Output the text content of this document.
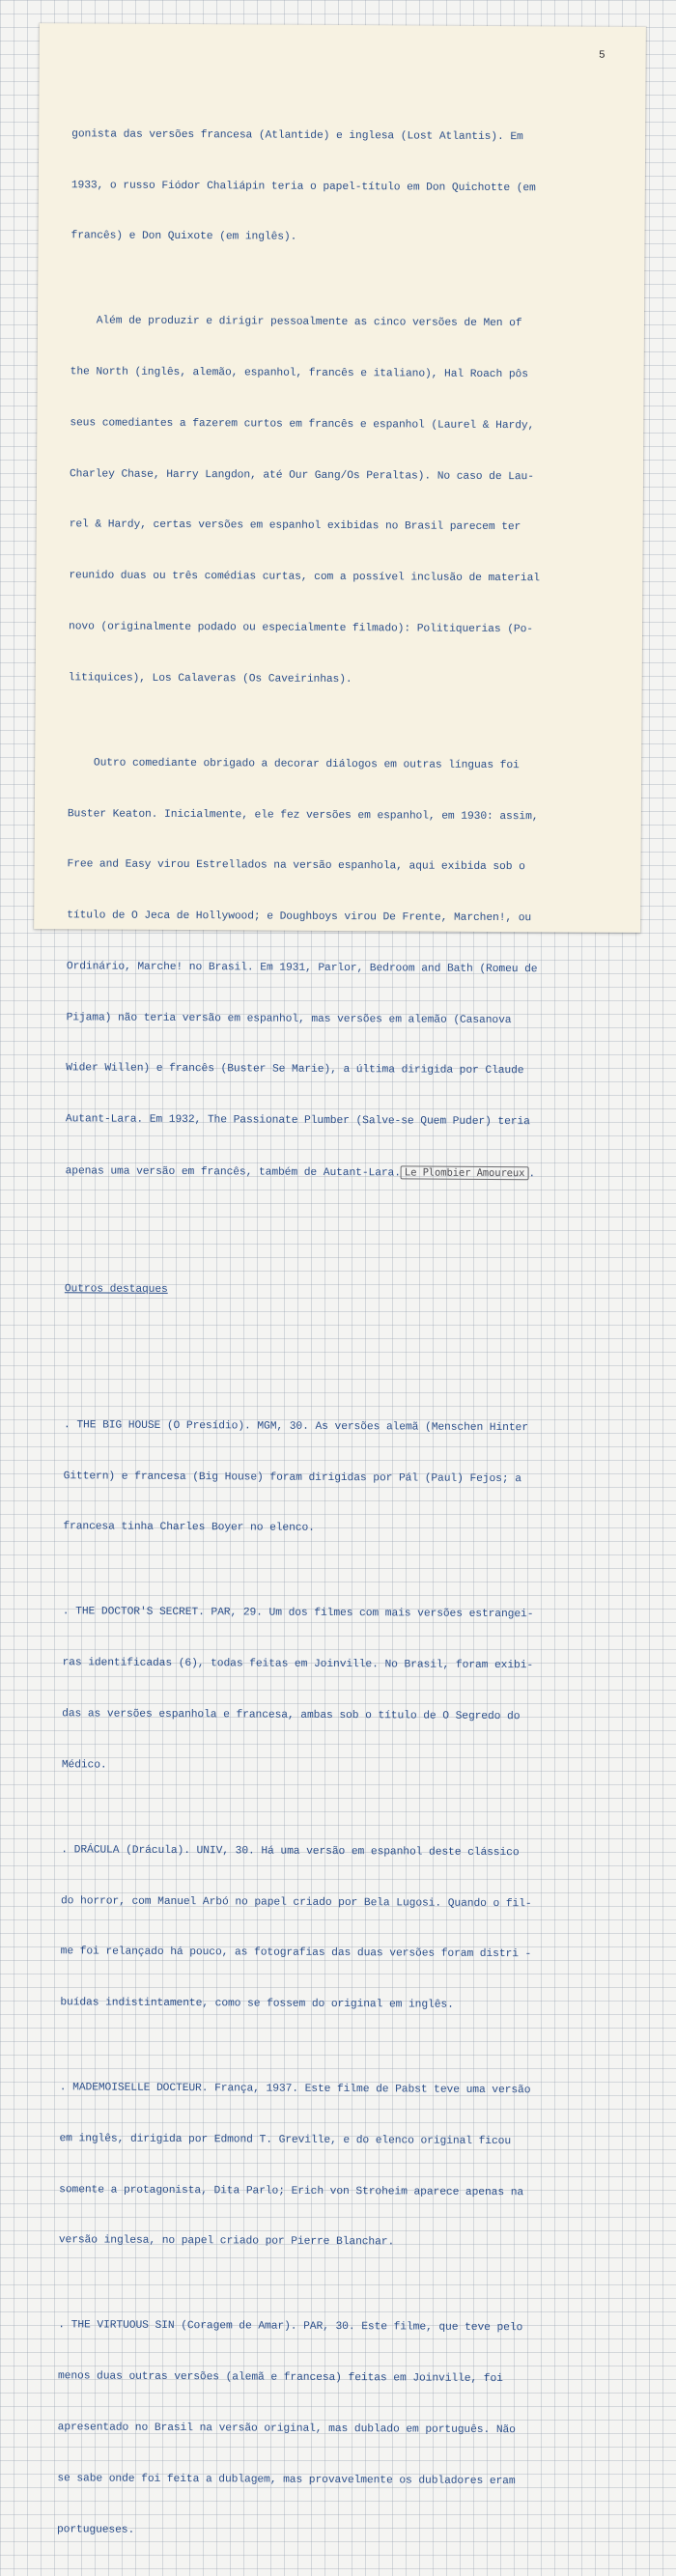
5

gonista das versões francesa (Atlantide) e inglesa (Lost Atlantis). Em

1933, o russo Fiódor Chaliápin teria o papel-título em Don Quichotte (em

francês) e Don Quixote (em inglês).

Além de produzir e dirigir pessoalmente as cinco versões de Men of

the North (inglês, alemão, espanhol, francês e italiano), Hal Roach pôs

seus comediantes a fazerem curtos em francês e espanhol (Laurel & Hardy,

Charley Chase, Harry Langdon, até Our Gang/Os Peraltas). No caso de Lau-

rel & Hardy, certas versões em espanhol exibidas no Brasil parecem ter

reunido duas ou três comédias curtas, com a possível inclusão de material

novo (originalmente podado ou especialmente filmado): Politiquerias (Po-

litiquices), Los Calaveras (Os Caveirinhas).

Outro comediante obrigado a decorar diálogos em outras línguas foi

Buster Keaton. Inicialmente, ele fez versões em espanhol, em 1930: assim,

Free and Easy virou Estrellados na versão espanhola, aqui exibida sob o

título de O Jeca de Hollywood; e Doughboys virou De Frente, Marchen!, ou

Ordinário, Marche! no Brasil. Em 1931, Parlor, Bedroom and Bath (Romeu de

Pijama) não teria versão em espanhol, mas versões em alemão (Casanova

Wider Willen) e francês (Buster Se Marie), a última dirigida por Claude

Autant-Lara. Em 1932, The Passionate Plumber (Salve-se Quem Puder) teria

apenas uma versão em francês, também de Autant-Lara. Le Plombier Amoureux .

Outros destaques

. THE BIG HOUSE (O Presídio). MGM, 30. As versões alemã (Menschen Hinter

Gittern) e francesa (Big House) foram dirigidas por Pál (Paul) Fejos; a

francesa tinha Charles Boyer no elenco.

. THE DOCTOR'S SECRET. PAR, 29. Um dos filmes com mais versões estrangei-

ras identificadas (6), todas feitas em Joinville. No Brasil, foram exibi-

das as versões espanhola e francesa, ambas sob o título de O Segredo do

Médico.

. DRÁCULA (Drácula). UNIV, 30. Há uma versão em espanhol deste clássico

do horror, com Manuel Arbó no papel criado por Bela Lugosi. Quando o fil-

me foi relançado há pouco, as fotografias das duas versões foram distri -

buídas indistintamente, como se fossem do original em inglês.

. MADEMOISELLE DOCTEUR. França, 1937. Este filme de Pabst teve uma versão

em inglês, dirigida por Edmond T. Greville, e do elenco original ficou

somente a protagonista, Dita Parlo; Erich von Stroheim aparece apenas na

versão inglesa, no papel criado por Pierre Blanchar.

. THE VIRTUOUS SIN (Coragem de Amar). PAR, 30. Este filme, que teve pelo

menos duas outras versões (alemã e francesa) feitas em Joinville, foi

apresentado no Brasil na versão original, mas dublado em português. Não

se sabe onde foi feita a dublagem, mas provavelmente os dubladores eram

portugueses.
